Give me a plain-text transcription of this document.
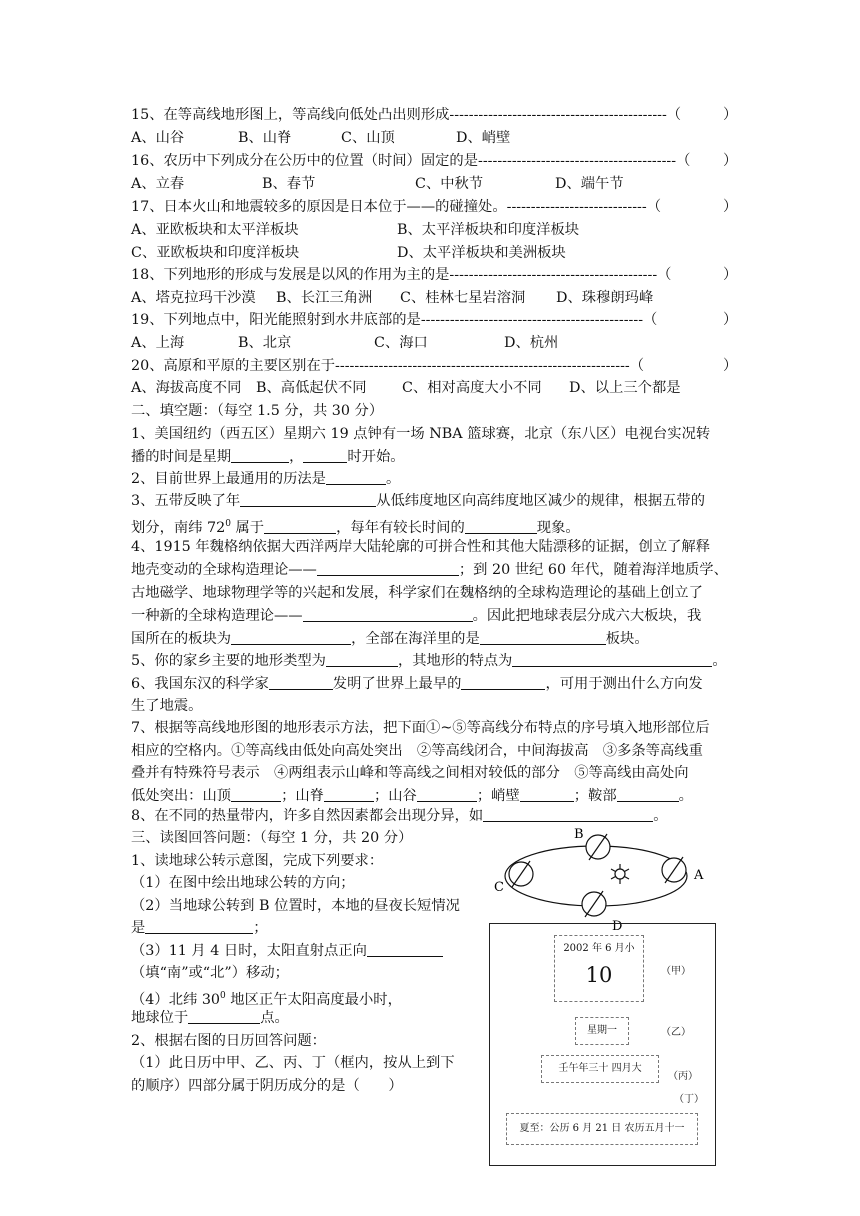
15、在等高线地形图上，等高线向低处凸出则形成---------------------------------------------（	）
A、山谷	B、山脊	C、山顶	D、峭壁
16、农历中下列成分在公历中的位置（时间）固定的是-----------------------------------------（ ）
A、立春	B、春节	C、中秋节	D、端午节
17、日本火山和地震较多的原因是日本位于——的碰撞处。-----------------------------（	）
A、亚欧板块和太平洋板块	B、太平洋板块和印度洋板块
C、亚欧板块和印度洋板块	D、太平洋板块和美洲板块
18、下列地形的形成与发展是以风的作用为主的是-------------------------------------------（	）
A、塔克拉玛干沙漠 B、长江三角洲 C、桂林七星岩溶洞 D、珠穆朗玛峰
19、下列地点中，阳光能照射到水井底部的是----------------------------------------------（	）
A、上海	B、北京	C、海口	D、杭州
20、高原和平原的主要区别在于-------------------------------------------------------------（	）
A、海拔高度不同 B、高低起伏不同 C、相对高度大小不同 D、以上三个都是
二、填空题：（每空 1.5 分，共 30 分）
1、美国纽约（西五区）星期六 19 点钟有一场 NBA 篮球赛，北京（东八区）电视台实况转
播的时间是星期	，	时开始。
2、目前世界上最通用的历法是	。
3、五带反映了年	从低纬度地区向高纬度地区减少的规律，根据五带的
划分，南纬 $72^0$ 属于	，每年有较长时间的	现象。
4、1915 年魏格纳依据大西洋两岸大陆轮廓的可拼合性和其他大陆漂移的证据，创立了解释
地壳变动的全球构造理论——	；到 20 世纪 60 年代，随着海洋地质学、
古地磁学、地球物理学等的兴起和发展，科学家们在魏格纳的全球构造理论的基础上创立了
一种新的全球构造理论——	。因此把地球表层分成六大板块，我
国所在的板块为	，全部在海洋里的是	板块。
5、你的家乡主要的地形类型为	，其地形的特点为	。
6、我国东汉的科学家	发明了世界上最早的	，可用于测出什么方向发
生了地震。
7、根据等高线地形图的地形表示方法，把下面①~⑤等高线分布特点的序号填入地形部位后
相应的空格内。①等高线由低处向高处突出　②等高线闭合，中间海拔高　③多条等高线重
叠并有特殊符号表示　④两组表示山峰和等高线之间相对较低的部分　⑤等高线由高处向
低处突出：山顶	；山脊	；山谷	；峭壁	；鞍部	。
8、在不同的热量带内，许多自然因素都会出现分异，如	。
三、读图回答问题：（每空 1 分，共 20 分）
1、读地球公转示意图，完成下列要求：
（1）在图中绘出地球公转的方向；
（2）当地球公转到 B 位置时，本地的昼夜长短情况
是	；
（3）11 月 4 日时，太阳直射点正向
（填“南”或“北”）移动；
（4）北纬 $30^0$ 地区正午太阳高度最小时，
地球位于	点。
2、根据右图的日历回答问题：
（1）此日历中甲、乙、丙、丁（框内，按从上到下
的顺序）四部分属于阴历成分的是（　　）
B
A
C
D
2002 年 6 月小
10	（甲）
星期一	（乙）
壬午年三十 四月大
（丙）
（丁）
夏至：公历 6 月 21 日 农历五月十一
